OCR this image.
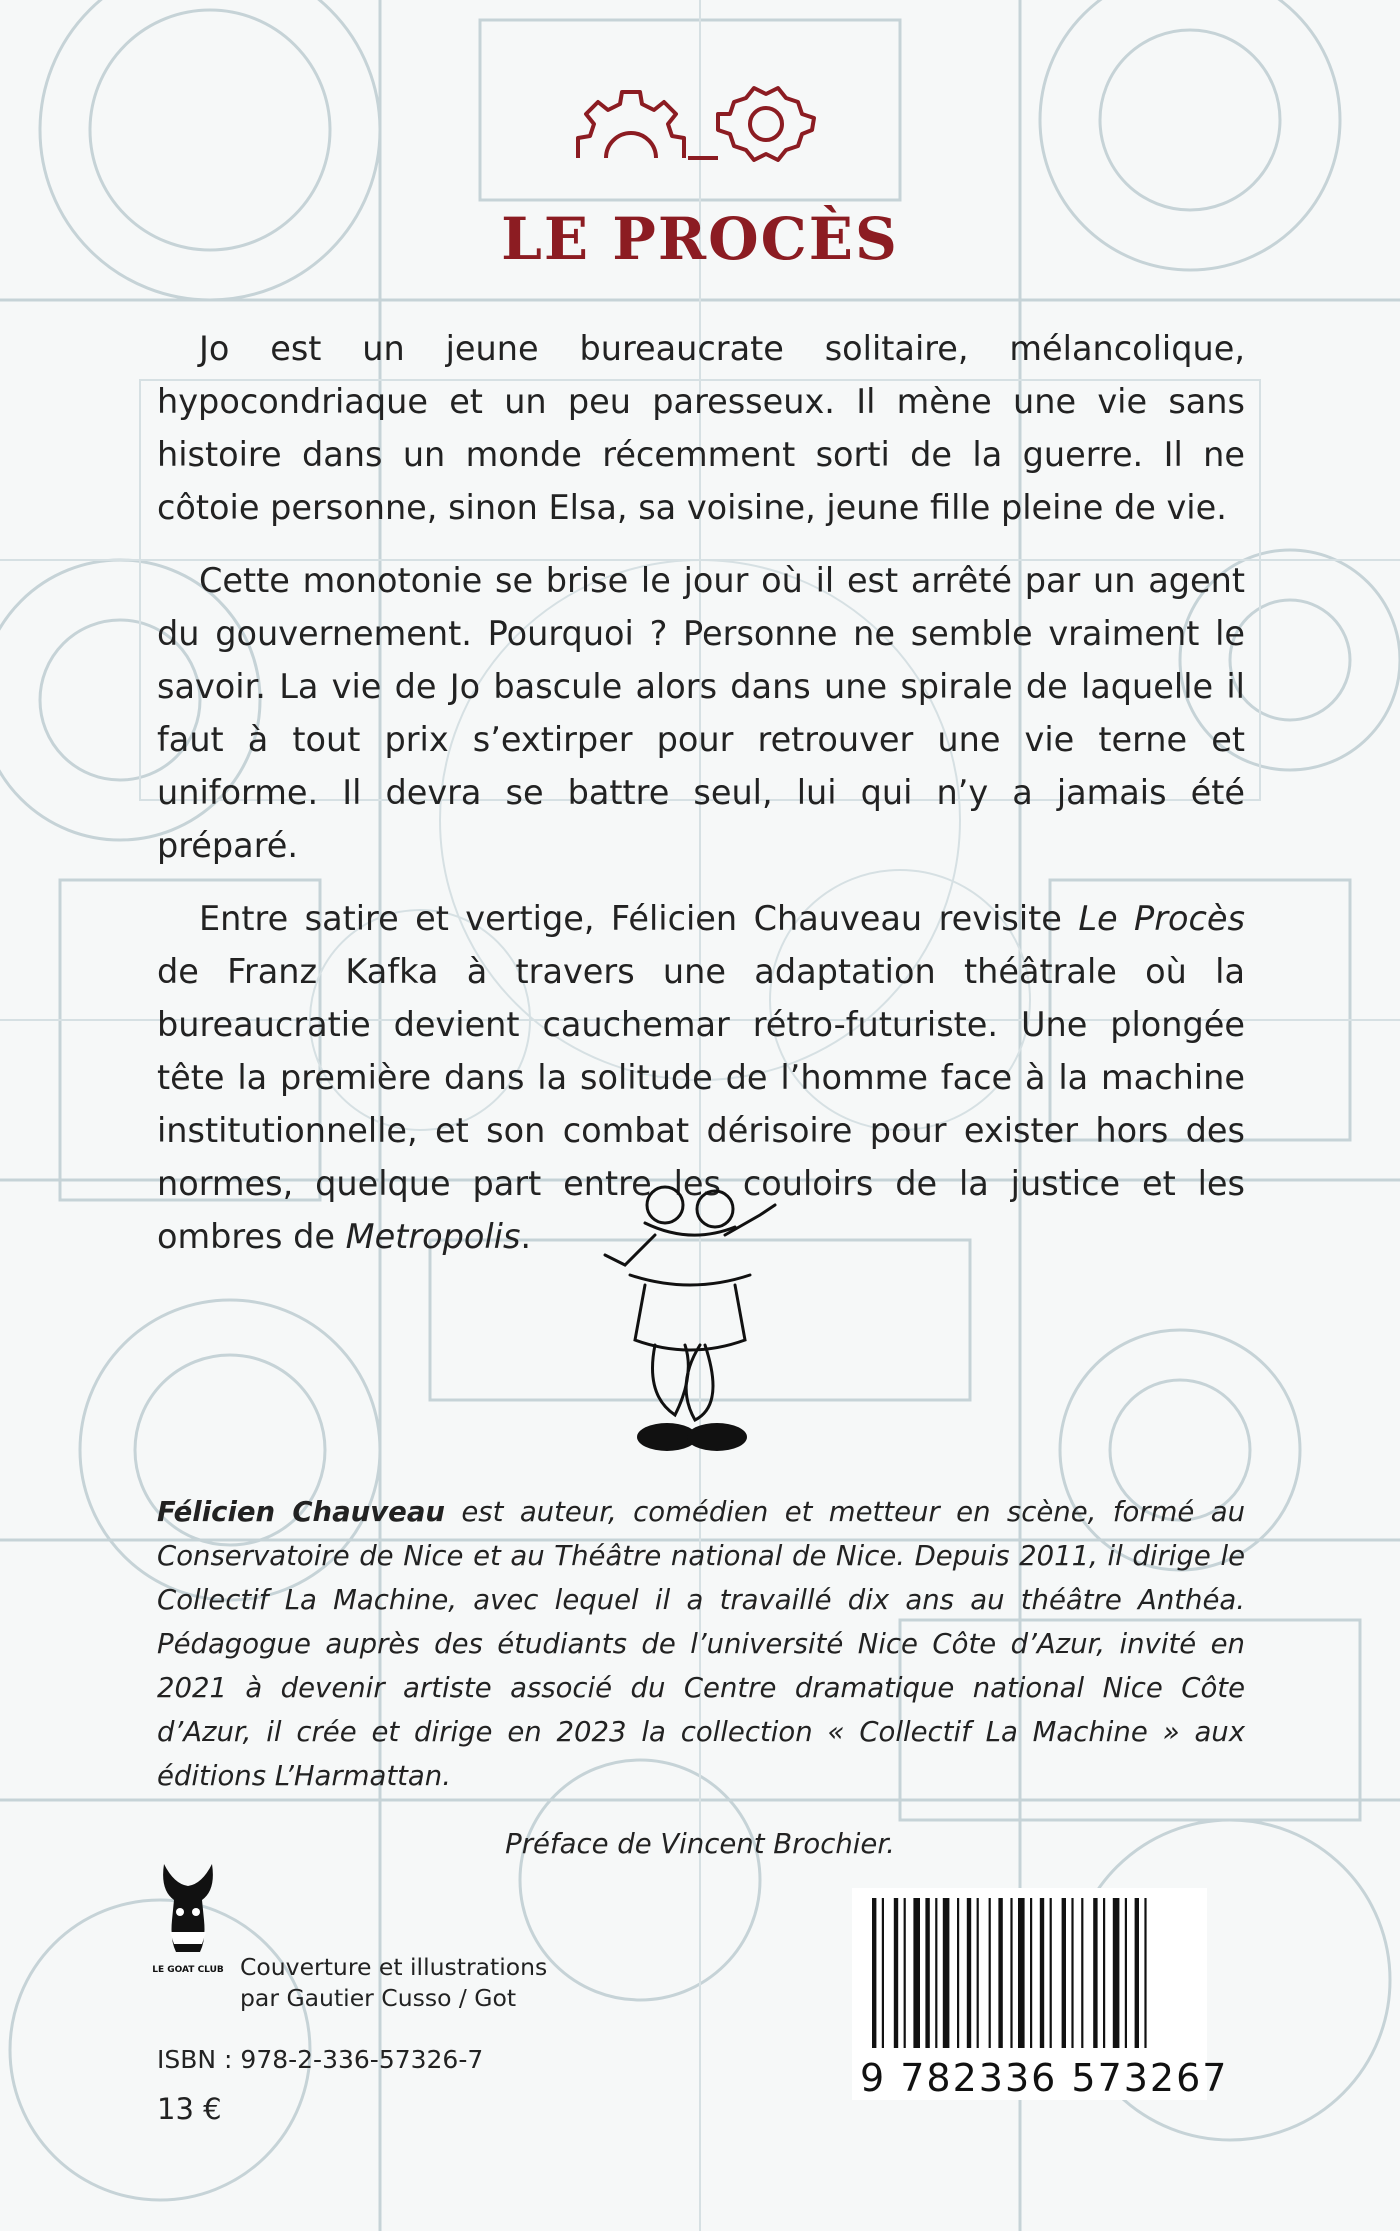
LE PROCÈS

Jo est un jeune bureaucrate solitaire, mélancolique, hypocondriaque et un peu paresseux. Il mène une vie sans histoire dans un monde récemment sorti de la guerre. Il ne côtoie personne, sinon Elsa, sa voisine, jeune fille pleine de vie.

Cette monotonie se brise le jour où il est arrêté par un agent du gouvernement. Pourquoi ? Personne ne semble vraiment le savoir. La vie de Jo bascule alors dans une spirale de laquelle il faut à tout prix s’extirper pour retrouver une vie terne et uniforme. Il devra se battre seul, lui qui n’y a jamais été préparé.

Entre satire et vertige, Félicien Chauveau revisite Le Procès de Franz Kafka à travers une adaptation théâtrale où la bureaucratie devient cauchemar rétro-futuriste. Une plongée tête la première dans la solitude de l’homme face à la machine institutionnelle, et son combat dérisoire pour exister hors des normes, quelque part entre les couloirs de la justice et les ombres de Metropolis.

Félicien Chauveau est auteur, comédien et metteur en scène, formé au Conservatoire de Nice et au Théâtre national de Nice. Depuis 2011, il dirige le Collectif La Machine, avec lequel il a travaillé dix ans au théâtre Anthéa. Pédagogue auprès des étudiants de l’université Nice Côte d’Azur, invité en 2021 à devenir artiste associé du Centre dramatique national Nice Côte d’Azur, il crée et dirige en 2023 la collection « Collectif La Machine » aux éditions L’Harmattan.

Préface de Vincent Brochier.
LE GOAT CLUB Couverture et illustrations
par Gautier Cusso / Got
ISBN : 978-2-336-57326-7
13 €
9 782336 573267
